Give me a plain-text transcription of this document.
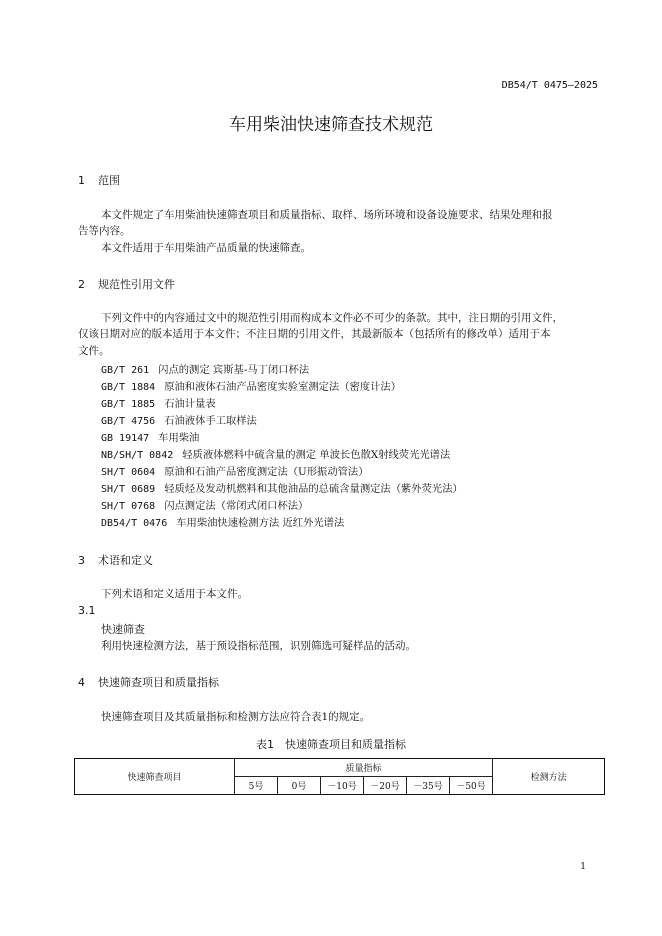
DB54/T 0475—2025
车用柴油快速筛查技术规范
1 范围
本文件规定了车用柴油快速筛查项目和质量指标、取样、场所环境和设备设施要求、结果处理和报
告等内容。
本文件适用于车用柴油产品质量的快速筛查。
2 规范性引用文件
下列文件中的内容通过文中的规范性引用而构成本文件必不可少的条款。其中，注日期的引用文件，
仅该日期对应的版本适用于本文件；不注日期的引用文件，其最新版本（包括所有的修改单）适用于本
文件。
GB/T 261 闪点的测定 宾斯基-马丁闭口杯法
GB/T 1884 原油和液体石油产品密度实验室测定法（密度计法）
GB/T 1885 石油计量表
GB/T 4756 石油液体手工取样法
GB 19147 车用柴油
NB/SH/T 0842 轻质液体燃料中硫含量的测定 单波长色散X射线荧光光谱法
SH/T 0604 原油和石油产品密度测定法（U形振动管法）
SH/T 0689 轻质烃及发动机燃料和其他油品的总硫含量测定法（紫外荧光法）
SH/T 0768 闪点测定法（常闭式闭口杯法）
DB54/T 0476 车用柴油快速检测方法 近红外光谱法
3 术语和定义
下列术语和定义适用于本文件。
3.1
快速筛查
利用快速检测方法，基于预设指标范围，识别筛选可疑样品的活动。
4 快速筛查项目和质量指标
快速筛查项目及其质量指标和检测方法应符合表1的规定。
表1　快速筛查项目和质量指标
快速筛查项目	质量指标						检测方法
	5号	0号	－10号	－20号	－35号	－50号	
1
